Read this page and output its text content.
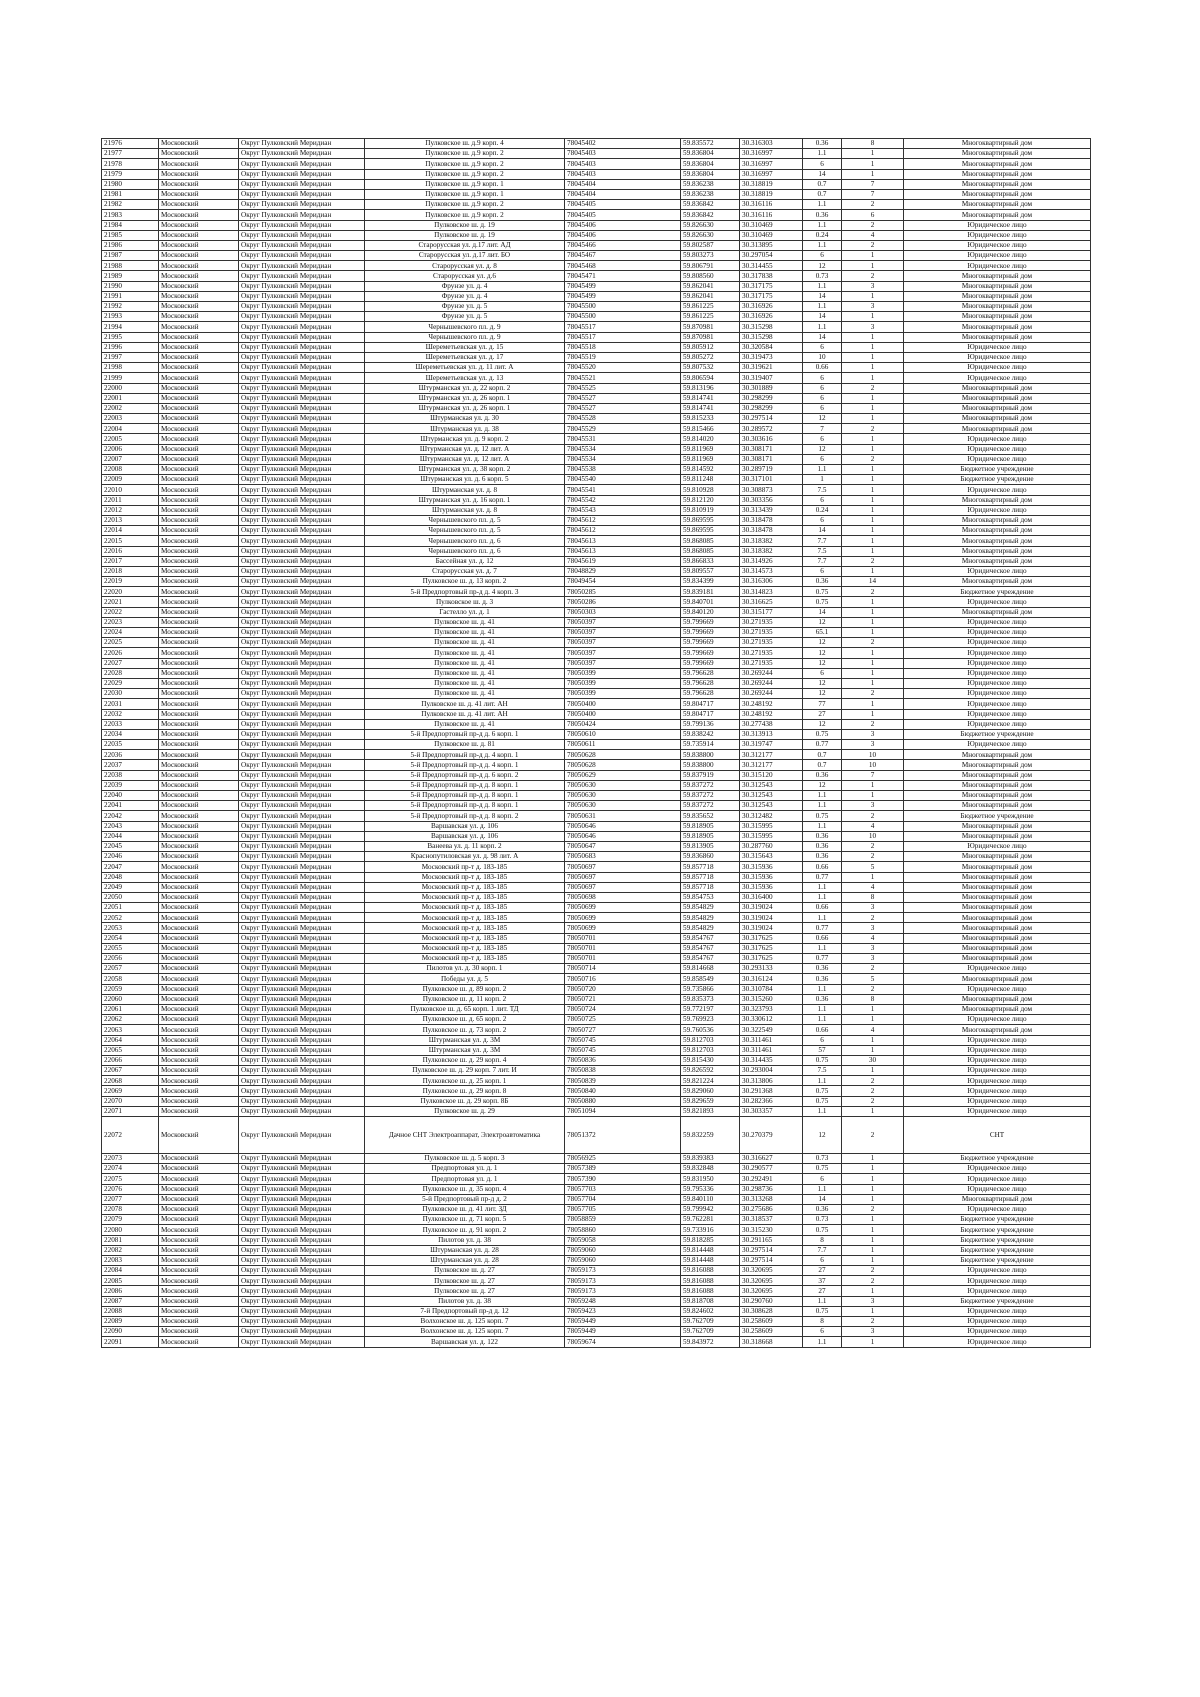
21976	Московский	Округ Пулковский Меридиан	Пулковское ш. д.9 корп. 4	78045402	59.835572	30.316303	0.36	8	Многоквартирный дом
21977	Московский	Округ Пулковский Меридиан	Пулковское ш. д.9 корп. 2	78045403	59.836804	30.316997	1.1	1	Многоквартирный дом
21978	Московский	Округ Пулковский Меридиан	Пулковское ш. д.9 корп. 2	78045403	59.836804	30.316997	6	1	Многоквартирный дом
21979	Московский	Округ Пулковский Меридиан	Пулковское ш. д.9 корп. 2	78045403	59.836804	30.316997	14	1	Многоквартирный дом
21980	Московский	Округ Пулковский Меридиан	Пулковское ш. д.9 корп. 1	78045404	59.836238	30.318819	0.7	7	Многоквартирный дом
21981	Московский	Округ Пулковский Меридиан	Пулковское ш. д.9 корп. 1	78045404	59.836238	30.318819	0.7	7	Многоквартирный дом
21982	Московский	Округ Пулковский Меридиан	Пулковское ш. д.9 корп. 2	78045405	59.836842	30.316116	1.1	2	Многоквартирный дом
21983	Московский	Округ Пулковский Меридиан	Пулковское ш. д.9 корп. 2	78045405	59.836842	30.316116	0.36	6	Многоквартирный дом
21984	Московский	Округ Пулковский Меридиан	Пулковское ш. д. 19	78045406	59.826630	30.310469	1.1	2	Юридическое лицо
21985	Московский	Округ Пулковский Меридиан	Пулковское ш. д. 19	78045406	59.826630	30.310469	0.24	4	Юридическое лицо
21986	Московский	Округ Пулковский Меридиан	Старорусская ул. д.17 лит. АД	78045466	59.802587	30.313895	1.1	2	Юридическое лицо
21987	Московский	Округ Пулковский Меридиан	Старорусская ул. д.17 лит. БО	78045467	59.803273	30.297054	6	1	Юридическое лицо
21988	Московский	Округ Пулковский Меридиан	Старорусская ул. д. 8	78045468	59.806791	30.314455	12	1	Юридическое лицо
21989	Московский	Округ Пулковский Меридиан	Старорусская ул. д.6	78045471	59.808560	30.317838	0.73	2	Многоквартирный дом
21990	Московский	Округ Пулковский Меридиан	Фрунзе ул. д. 4	78045499	59.862041	30.317175	1.1	3	Многоквартирный дом
21991	Московский	Округ Пулковский Меридиан	Фрунзе ул. д. 4	78045499	59.862041	30.317175	14	1	Многоквартирный дом
21992	Московский	Округ Пулковский Меридиан	Фрунзе ул. д. 5	78045500	59.861225	30.316926	1.1	3	Многоквартирный дом
21993	Московский	Округ Пулковский Меридиан	Фрунзе ул. д. 5	78045500	59.861225	30.316926	14	1	Многоквартирный дом
21994	Московский	Округ Пулковский Меридиан	Чернышевского пл. д. 9	78045517	59.870981	30.315298	1.1	3	Многоквартирный дом
21995	Московский	Округ Пулковский Меридиан	Чернышевского пл. д. 9	78045517	59.870981	30.315298	14	1	Многоквартирный дом
21996	Московский	Округ Пулковский Меридиан	Шереметьевская ул. д. 15	78045518	59.805912	30.320584	6	1	Юридическое лицо
21997	Московский	Округ Пулковский Меридиан	Шереметьевская ул. д. 17	78045519	59.805272	30.319473	10	1	Юридическое лицо
21998	Московский	Округ Пулковский Меридиан	Шереметьевская ул. д. 11 лит. А	78045520	59.807532	30.319621	0.66	1	Юридическое лицо
21999	Московский	Округ Пулковский Меридиан	Шереметьевская ул. д. 13	78045521	59.806594	30.319407	6	1	Юридическое лицо
22000	Московский	Округ Пулковский Меридиан	Штурманская ул. д. 22 корп. 2	78045525	59.813196	30.301889	6	2	Многоквартирный дом
22001	Московский	Округ Пулковский Меридиан	Штурманская ул. д. 26 корп. 1	78045527	59.814741	30.298299	6	1	Многоквартирный дом
22002	Московский	Округ Пулковский Меридиан	Штурманская ул. д. 26 корп. 1	78045527	59.814741	30.298299	6	1	Многоквартирный дом
22003	Московский	Округ Пулковский Меридиан	Штурманская ул. д. 30	78045528	59.815233	30.297514	12	1	Многоквартирный дом
22004	Московский	Округ Пулковский Меридиан	Штурманская ул. д. 38	78045529	59.815466	30.289572	7	2	Многоквартирный дом
22005	Московский	Округ Пулковский Меридиан	Штурманская ул. д. 9 корп. 2	78045531	59.814020	30.303616	6	1	Юридическое лицо
22006	Московский	Округ Пулковский Меридиан	Штурманская ул. д. 12 лит. А	78045534	59.811969	30.308171	12	1	Юридическое лицо
22007	Московский	Округ Пулковский Меридиан	Штурманская ул. д. 12 лит. А	78045534	59.811969	30.308171	6	2	Юридическое лицо
22008	Московский	Округ Пулковский Меридиан	Штурманская ул. д. 38 корп. 2	78045538	59.814592	30.289719	1.1	1	Бюджетное учреждение
22009	Московский	Округ Пулковский Меридиан	Штурманская ул. д. 6 корп. 5	78045540	59.811248	30.317101	1	1	Бюджетное учреждение
22010	Московский	Округ Пулковский Меридиан	Штурманская ул. д. 8	78045541	59.810928	30.308873	7.5	1	Юридическое лицо
22011	Московский	Округ Пулковский Меридиан	Штурманская ул. д. 16 корп. 1	78045542	59.812120	30.303356	6	1	Многоквартирный дом
22012	Московский	Округ Пулковский Меридиан	Штурманская ул. д. 8	78045543	59.810919	30.313439	0.24	1	Юридическое лицо
22013	Московский	Округ Пулковский Меридиан	Чернышевского пл. д. 5	78045612	59.869595	30.318478	6	1	Многоквартирный дом
22014	Московский	Округ Пулковский Меридиан	Чернышевского пл. д. 5	78045612	59.869595	30.318478	14	1	Многоквартирный дом
22015	Московский	Округ Пулковский Меридиан	Чернышевского пл. д. 6	78045613	59.868085	30.318382	7.7	1	Многоквартирный дом
22016	Московский	Округ Пулковский Меридиан	Чернышевского пл. д. 6	78045613	59.868085	30.318382	7.5	1	Многоквартирный дом
22017	Московский	Округ Пулковский Меридиан	Бассейная ул. д. 12	78045619	59.866833	30.314926	7.7	2	Многоквартирный дом
22018	Московский	Округ Пулковский Меридиан	Старорусская ул. д. 7	78048829	59.809557	30.314573	6	1	Юридическое лицо
22019	Московский	Округ Пулковский Меридиан	Пулковское ш. д. 13 корп. 2	78049454	59.834399	30.316306	0.36	14	Многоквартирный дом
22020	Московский	Округ Пулковский Меридиан	5-й Предпортовый пр-д д. 4 корп. 3	78050285	59.839181	30.314823	0.75	2	Бюджетное учреждение
22021	Московский	Округ Пулковский Меридиан	Пулковское ш. д. 3	78050286	59.840701	30.316625	0.75	1	Юридическое лицо
22022	Московский	Округ Пулковский Меридиан	Гастелло ул. д. 1	78050303	59.840120	30.315177	14	1	Многоквартирный дом
22023	Московский	Округ Пулковский Меридиан	Пулковское ш. д. 41	78050397	59.799669	30.271935	12	1	Юридическое лицо
22024	Московский	Округ Пулковский Меридиан	Пулковское ш. д. 41	78050397	59.799669	30.271935	65.1	1	Юридическое лицо
22025	Московский	Округ Пулковский Меридиан	Пулковское ш. д. 41	78050397	59.799669	30.271935	12	2	Юридическое лицо
22026	Московский	Округ Пулковский Меридиан	Пулковское ш. д. 41	78050397	59.799669	30.271935	12	1	Юридическое лицо
22027	Московский	Округ Пулковский Меридиан	Пулковское ш. д. 41	78050397	59.799669	30.271935	12	1	Юридическое лицо
22028	Московский	Округ Пулковский Меридиан	Пулковское ш. д. 41	78050399	59.796628	30.269244	6	1	Юридическое лицо
22029	Московский	Округ Пулковский Меридиан	Пулковское ш. д. 41	78050399	59.796628	30.269244	12	1	Юридическое лицо
22030	Московский	Округ Пулковский Меридиан	Пулковское ш. д. 41	78050399	59.796628	30.269244	12	2	Юридическое лицо
22031	Московский	Округ Пулковский Меридиан	Пулковское ш. д. 41 лит. АН	78050400	59.804717	30.248192	77	1	Юридическое лицо
22032	Московский	Округ Пулковский Меридиан	Пулковское ш. д. 41 лит. АН	78050400	59.804717	30.248192	27	1	Юридическое лицо
22033	Московский	Округ Пулковский Меридиан	Пулковское ш. д. 41	78050424	59.799136	30.277438	12	2	Юридическое лицо
22034	Московский	Округ Пулковский Меридиан	5-й Предпортовый пр-д д. 6 корп. 1	78050610	59.838242	30.313913	0.75	3	Бюджетное учреждение
22035	Московский	Округ Пулковский Меридиан	Пулковское ш. д. 81	78050611	59.735914	30.319747	0.77	3	Юридическое лицо
22036	Московский	Округ Пулковский Меридиан	5-й Предпортовый пр-д д. 4 корп. 1	78050628	59.838800	30.312177	0.7	10	Многоквартирный дом
22037	Московский	Округ Пулковский Меридиан	5-й Предпортовый пр-д д. 4 корп. 1	78050628	59.838800	30.312177	0.7	10	Многоквартирный дом
22038	Московский	Округ Пулковский Меридиан	5-й Предпортовый пр-д д. 6 корп. 2	78050629	59.837919	30.315120	0.36	7	Многоквартирный дом
22039	Московский	Округ Пулковский Меридиан	5-й Предпортовый пр-д д. 8 корп. 1	78050630	59.837272	30.312543	12	1	Многоквартирный дом
22040	Московский	Округ Пулковский Меридиан	5-й Предпортовый пр-д д. 8 корп. 1	78050630	59.837272	30.312543	1.1	1	Многоквартирный дом
22041	Московский	Округ Пулковский Меридиан	5-й Предпортовый пр-д д. 8 корп. 1	78050630	59.837272	30.312543	1.1	3	Многоквартирный дом
22042	Московский	Округ Пулковский Меридиан	5-й Предпортовый пр-д д. 8 корп. 2	78050631	59.835652	30.312482	0.75	2	Бюджетное учреждение
22043	Московский	Округ Пулковский Меридиан	Варшавская ул. д. 106	78050646	59.818905	30.315995	1.1	4	Многоквартирный дом
22044	Московский	Округ Пулковский Меридиан	Варшавская ул. д. 106	78050646	59.818905	30.315995	0.36	10	Многоквартирный дом
22045	Московский	Округ Пулковский Меридиан	Ванеева ул. д. 11 корп. 2	78050647	59.813905	30.287760	0.36	2	Юридическое лицо
22046	Московский	Округ Пулковский Меридиан	Краснопутиловская ул. д. 98 лит. А	78050683	59.836860	30.315643	0.36	2	Многоквартирный дом
22047	Московский	Округ Пулковский Меридиан	Московский пр-т д. 183-185	78050697	59.857718	30.315936	0.66	5	Многоквартирный дом
22048	Московский	Округ Пулковский Меридиан	Московский пр-т д. 183-185	78050697	59.857718	30.315936	0.77	1	Многоквартирный дом
22049	Московский	Округ Пулковский Меридиан	Московский пр-т д. 183-185	78050697	59.857718	30.315936	1.1	4	Многоквартирный дом
22050	Московский	Округ Пулковский Меридиан	Московский пр-т д. 183-185	78050698	59.854753	30.316400	1.1	8	Многоквартирный дом
22051	Московский	Округ Пулковский Меридиан	Московский пр-т д. 183-185	78050699	59.854829	30.319024	0.66	3	Многоквартирный дом
22052	Московский	Округ Пулковский Меридиан	Московский пр-т д. 183-185	78050699	59.854829	30.319024	1.1	2	Многоквартирный дом
22053	Московский	Округ Пулковский Меридиан	Московский пр-т д. 183-185	78050699	59.854829	30.319024	0.77	3	Многоквартирный дом
22054	Московский	Округ Пулковский Меридиан	Московский пр-т д. 183-185	78050701	59.854767	30.317625	0.66	4	Многоквартирный дом
22055	Московский	Округ Пулковский Меридиан	Московский пр-т д. 183-185	78050701	59.854767	30.317625	1.1	3	Многоквартирный дом
22056	Московский	Округ Пулковский Меридиан	Московский пр-т д. 183-185	78050701	59.854767	30.317625	0.77	3	Многоквартирный дом
22057	Московский	Округ Пулковский Меридиан	Пилотов ул. д. 30 корп. 1	78050714	59.814668	30.293133	0.36	2	Юридическое лицо
22058	Московский	Округ Пулковский Меридиан	Победы ул. д. 5	78050716	59.858549	30.316124	0.36	5	Многоквартирный дом
22059	Московский	Округ Пулковский Меридиан	Пулковское ш. д. 89 корп. 2	78050720	59.735866	30.310784	1.1	2	Юридическое лицо
22060	Московский	Округ Пулковский Меридиан	Пулковское ш. д. 11 корп. 2	78050721	59.835373	30.315260	0.36	8	Многоквартирный дом
22061	Московский	Округ Пулковский Меридиан	Пулковское ш. д. 65 корп. 1 лит. ТД	78050724	59.772197	30.323793	1.1	1	Многоквартирный дом
22062	Московский	Округ Пулковский Меридиан	Пулковское ш. д. 65 корп. 2	78050725	59.769923	30.330612	1.1	1	Юридическое лицо
22063	Московский	Округ Пулковский Меридиан	Пулковское ш. д. 73 корп. 2	78050727	59.760536	30.322549	0.66	4	Многоквартирный дом
22064	Московский	Округ Пулковский Меридиан	Штурманская ул. д. 3М	78050745	59.812703	30.311461	6	1	Юридическое лицо
22065	Московский	Округ Пулковский Меридиан	Штурманская ул. д. 3М	78050745	59.812703	30.311461	57	1	Юридическое лицо
22066	Московский	Округ Пулковский Меридиан	Пулковское ш. д. 29 корп. 4	78050836	59.815430	30.314435	0.75	30	Юридическое лицо
22067	Московский	Округ Пулковский Меридиан	Пулковское ш. д. 29 корп. 7 лит. И	78050838	59.826592	30.293004	7.5	1	Юридическое лицо
22068	Московский	Округ Пулковский Меридиан	Пулковское ш. д. 25 корп. 1	78050839	59.821224	30.313806	1.1	2	Юридическое лицо
22069	Московский	Округ Пулковский Меридиан	Пулковское ш. д. 29 корп. 8	78050840	59.829060	30.291368	0.75	2	Юридическое лицо
22070	Московский	Округ Пулковский Меридиан	Пулковское ш. д. 29 корп. 8Б	78050880	59.829659	30.282366	0.75	2	Юридическое лицо
22071	Московский	Округ Пулковский Меридиан	Пулковское ш. д. 29	78051094	59.821893	30.303357	1.1	1	Юридическое лицо
22072	Московский	Округ Пулковский Меридиан	Дачное СНТ Электроаппарат, Электроавтоматика	78051372	59.832259	30.270379	12	2	СНТ
22073	Московский	Округ Пулковский Меридиан	Пулковское ш. д. 5 корп. 3	78056925	59.839383	30.316627	0.73	1	Бюджетное учреждение
22074	Московский	Округ Пулковский Меридиан	Предпортовая ул. д. 1	78057389	59.832848	30.290577	0.75	1	Юридическое лицо
22075	Московский	Округ Пулковский Меридиан	Предпортовая ул. д. 1	78057390	59.831950	30.292491	6	1	Юридическое лицо
22076	Московский	Округ Пулковский Меридиан	Пулковское ш. д. 35 корп. 4	78057703	59.795336	30.298736	1.1	1	Юридическое лицо
22077	Московский	Округ Пулковский Меридиан	5-й Предпортовый пр-д д. 2	78057704	59.840110	30.313268	14	1	Многоквартирный дом
22078	Московский	Округ Пулковский Меридиан	Пулковское ш. д. 41 лит. ЗД	78057705	59.799942	30.275686	0.36	2	Юридическое лицо
22079	Московский	Округ Пулковский Меридиан	Пулковское ш. д. 71 корп. 5	78058859	59.762281	30.318537	0.73	1	Бюджетное учреждение
22080	Московский	Округ Пулковский Меридиан	Пулковское ш. д. 91 корп. 2	78058860	59.733916	30.315230	0.75	1	Бюджетное учреждение
22081	Московский	Округ Пулковский Меридиан	Пилотов ул. д. 38	78059058	59.818285	30.291165	8	1	Бюджетное учреждение
22082	Московский	Округ Пулковский Меридиан	Штурманская ул. д. 28	78059060	59.814448	30.297514	7.7	1	Бюджетное учреждение
22083	Московский	Округ Пулковский Меридиан	Штурманская ул. д. 28	78059060	59.814448	30.297514	6	1	Бюджетное учреждение
22084	Московский	Округ Пулковский Меридиан	Пулковское ш. д. 27	78059173	59.816088	30.320695	27	2	Юридическое лицо
22085	Московский	Округ Пулковский Меридиан	Пулковское ш. д. 27	78059173	59.816088	30.320695	37	2	Юридическое лицо
22086	Московский	Округ Пулковский Меридиан	Пулковское ш. д. 27	78059173	59.816088	30.320695	27	1	Юридическое лицо
22087	Московский	Округ Пулковский Меридиан	Пилотов ул. д. 38	78059248	59.818708	30.290760	1.1	3	Бюджетное учреждение
22088	Московский	Округ Пулковский Меридиан	7-й Предпортовый пр-д д. 12	78059423	59.824602	30.308628	0.75	1	Юридическое лицо
22089	Московский	Округ Пулковский Меридиан	Волхонское ш. д. 125 корп. 7	78059449	59.762709	30.258609	8	2	Юридическое лицо
22090	Московский	Округ Пулковский Меридиан	Волхонское ш. д. 125 корп. 7	78059449	59.762709	30.258609	6	3	Юридическое лицо
22091	Московский	Округ Пулковский Меридиан	Варшавская ул. д. 122	78059674	59.843972	30.318668	1.1	1	Юридическое лицо
